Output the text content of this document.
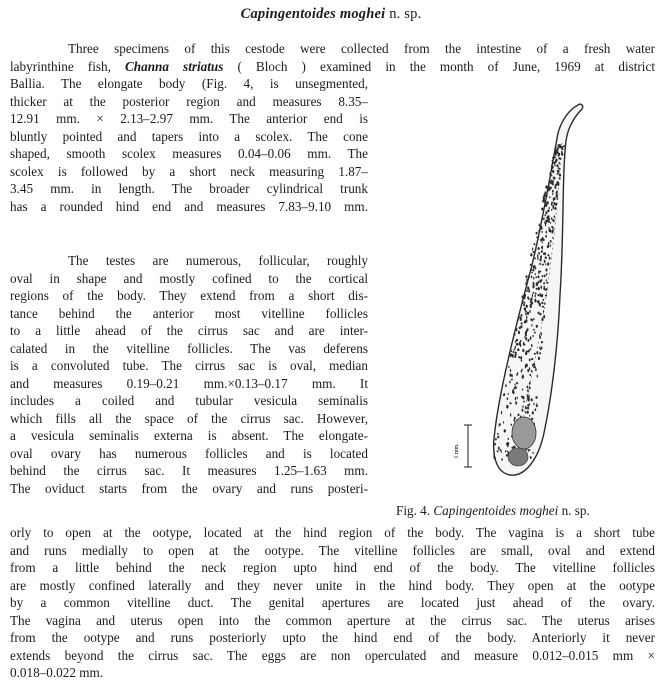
Capingentoides moghei n. sp.
Three specimens of this cestode were collected from the intestine of a fresh water
labyrinthine fish, Channa striatus ( Bloch ) examined in the month of June, 1969 at district
Ballia. The elongate body (Fig. 4, is unsegmented,
thicker at the posterior region and measures 8.35–
12.91 mm. × 2.13–2.97 mm. The anterior end is
bluntly pointed and tapers into a scolex. The cone
shaped, smooth scolex measures 0.04–0.06 mm. The
scolex is followed by a short neck measuring 1.87–
3.45 mm. in length. The broader cylindrical trunk
has a rounded hind end and measures 7.83–9.10 mm.
The testes are numerous, follicular, roughly
oval in shape and mostly cofined to the cortical
regions of the body. They extend from a short dis-
tance behind the anterior most vitelline follicles
to a little ahead of the cirrus sac and are inter-
calated in the vitelline follicles. The vas deferens
is a convoluted tube. The cirrus sac is oval, median
and measures 0.19–0.21 mm.×0.13–0.17 mm. It
includes a coiled and tubular vesicula seminalis
which fills all the space of the cirrus sac. However,
a vesicula seminalis externa is absent. The elongate-
oval ovary has numerous follicles and is located
behind the cirrus sac. It measures 1.25–1.63 mm.
The oviduct starts from the ovary and runs posteri-
Fig. 4. Capingentoides moghei n. sp.
orly to open at the ootype, located at the hind region of the body. The vagina is a short tube
and runs medially to open at the ootype. The vitelline follicles are small, oval and extend
from a little behind the neck region upto hind end of the body. The vitelline follicles
are mostly confined laterally and they never unite in the hind body. They open at the ootype
by a common vitelline duct. The genital apertures are located just ahead of the ovary.
The vagina and uterus open into the common aperture at the cirrus sac. The uterus arises
from the ootype and runs posteriorly upto the hind end of the body. Anteriorly it never
extends beyond the cirrus sac. The eggs are non operculated and measure 0.012–0.015 mm ×
0.018–0.022 mm.
1 mm.
